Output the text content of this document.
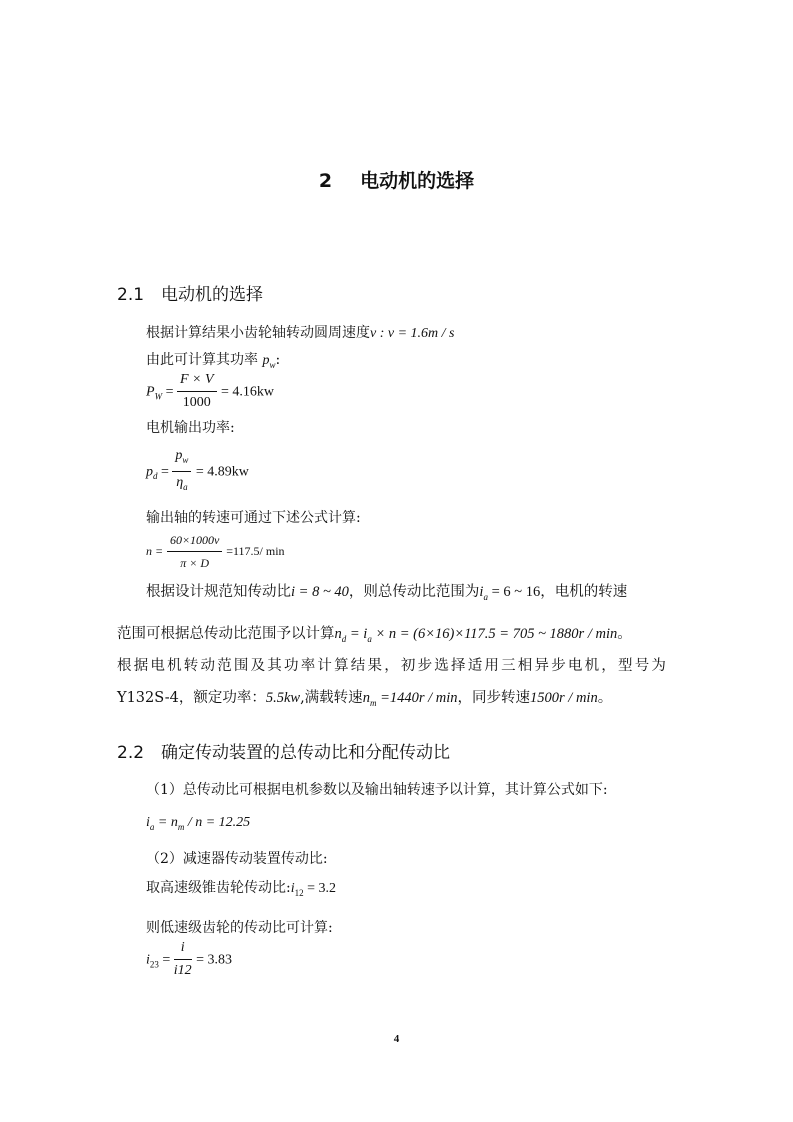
2 电动机的选择
2.1 电动机的选择
根据计算结果小齿轮轴转动圆周速度v : v = 1.6m / s
由此可计算其功率 $p_w$:
$P_W = \frac{F \times V}{1000} = 4.16kw$
电机输出功率:
$p_d = \frac{p_w}{\eta_a} = 4.89kw$
输出轴的转速可通过下述公式计算:
$n = \frac{60\times 1000v}{\pi \times D} =117.5/$ min
根据设计规范知传动比i = 8 ~ 40，则总传动比范围为$i_a = 6$ ~ 16，电机的转速
范围可根据总传动比范围予以计算$n_d = i_a \times n = (6\times 16)\times 117.5 = 705$ ~ 1880r / min。
根据电机转动范围及其功率计算结果，初步选择适用三相异步电机，型号为
Y132S-4，额定功率：5.5kw,满载转速$n_m =1440r / \min$，同步转速1500r / min。
2.2 确定传动装置的总传动比和分配传动比
（1）总传动比可根据电机参数以及输出轴转速予以计算，其计算公式如下:
$i_a = n_m / n = 12.25$
（2）减速器传动装置传动比:
取高速级锥齿轮传动比$:i_{12} = 3.2$
则低速级齿轮的传动比可计算:
$i_{23} = \frac{i}{i12} = 3.83$
4
